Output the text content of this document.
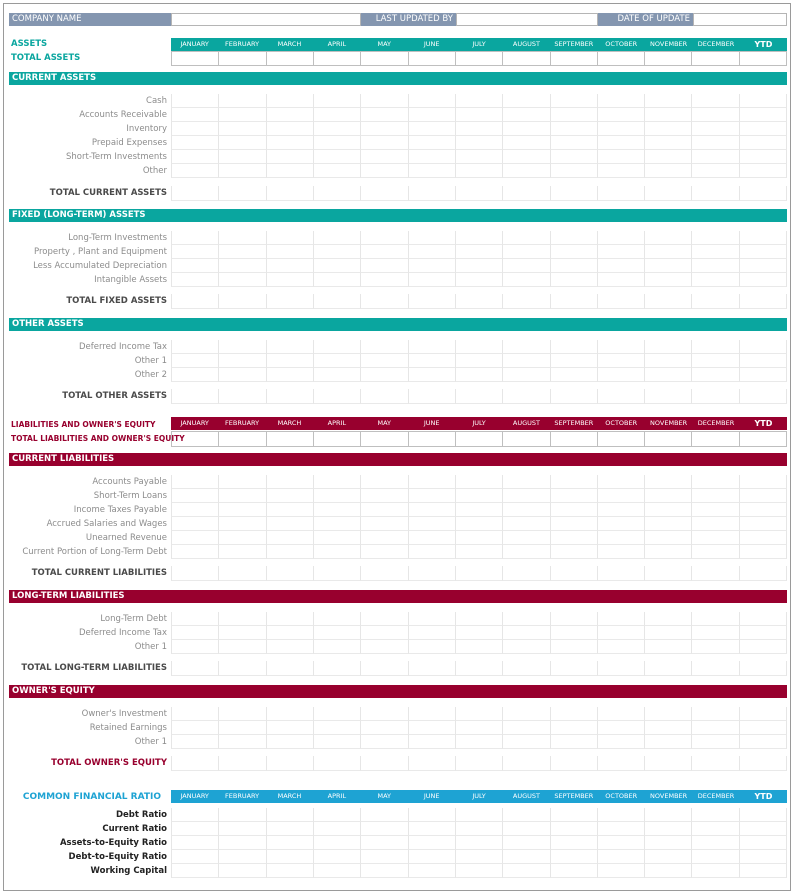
COMPANY NAME	LAST UPDATED BY	DATE OF UPDATE
ASSETS	JANUARY	FEBRUARY	MARCH	APRIL	MAY	JUNE	JULY	AUGUST	SEPTEMBER	OCTOBER	NOVEMBER	DECEMBER	YTD
TOTAL ASSETS
CURRENT ASSETS
Cash
Accounts Receivable
Inventory
Prepaid Expenses
Short-Term Investments
Other
TOTAL CURRENT ASSETS
FIXED (LONG-TERM) ASSETS
Long-Term Investments
Property , Plant and Equipment
Less Accumulated Depreciation
Intangible Assets
TOTAL FIXED ASSETS
OTHER ASSETS
Deferred Income Tax
Other 1
Other 2
TOTAL OTHER ASSETS
LIABILITIES AND OWNER'S EQUITY	JANUARY	FEBRUARY	MARCH	APRIL	MAY	JUNE	JULY	AUGUST	SEPTEMBER	OCTOBER	NOVEMBER	DECEMBER	YTD
TOTAL LIABILITIES AND OWNER'S EQUITY
CURRENT LIABILITIES
Accounts Payable
Short-Term Loans
Income Taxes Payable
Accrued Salaries and Wages
Unearned Revenue
Current Portion of Long-Term Debt
TOTAL CURRENT LIABILITIES
LONG-TERM LIABILITIES
Long-Term Debt
Deferred Income Tax
Other 1
TOTAL LONG-TERM LIABILITIES
OWNER'S EQUITY
Owner's Investment
Retained Earnings
Other 1
TOTAL OWNER'S EQUITY
COMMON FINANCIAL RATIO	JANUARY	FEBRUARY	MARCH	APRIL	MAY	JUNE	JULY	AUGUST	SEPTEMBER	OCTOBER	NOVEMBER	DECEMBER	YTD
Debt Ratio
Current Ratio
Assets-to-Equity Ratio
Debt-to-Equity Ratio
Working Capital
